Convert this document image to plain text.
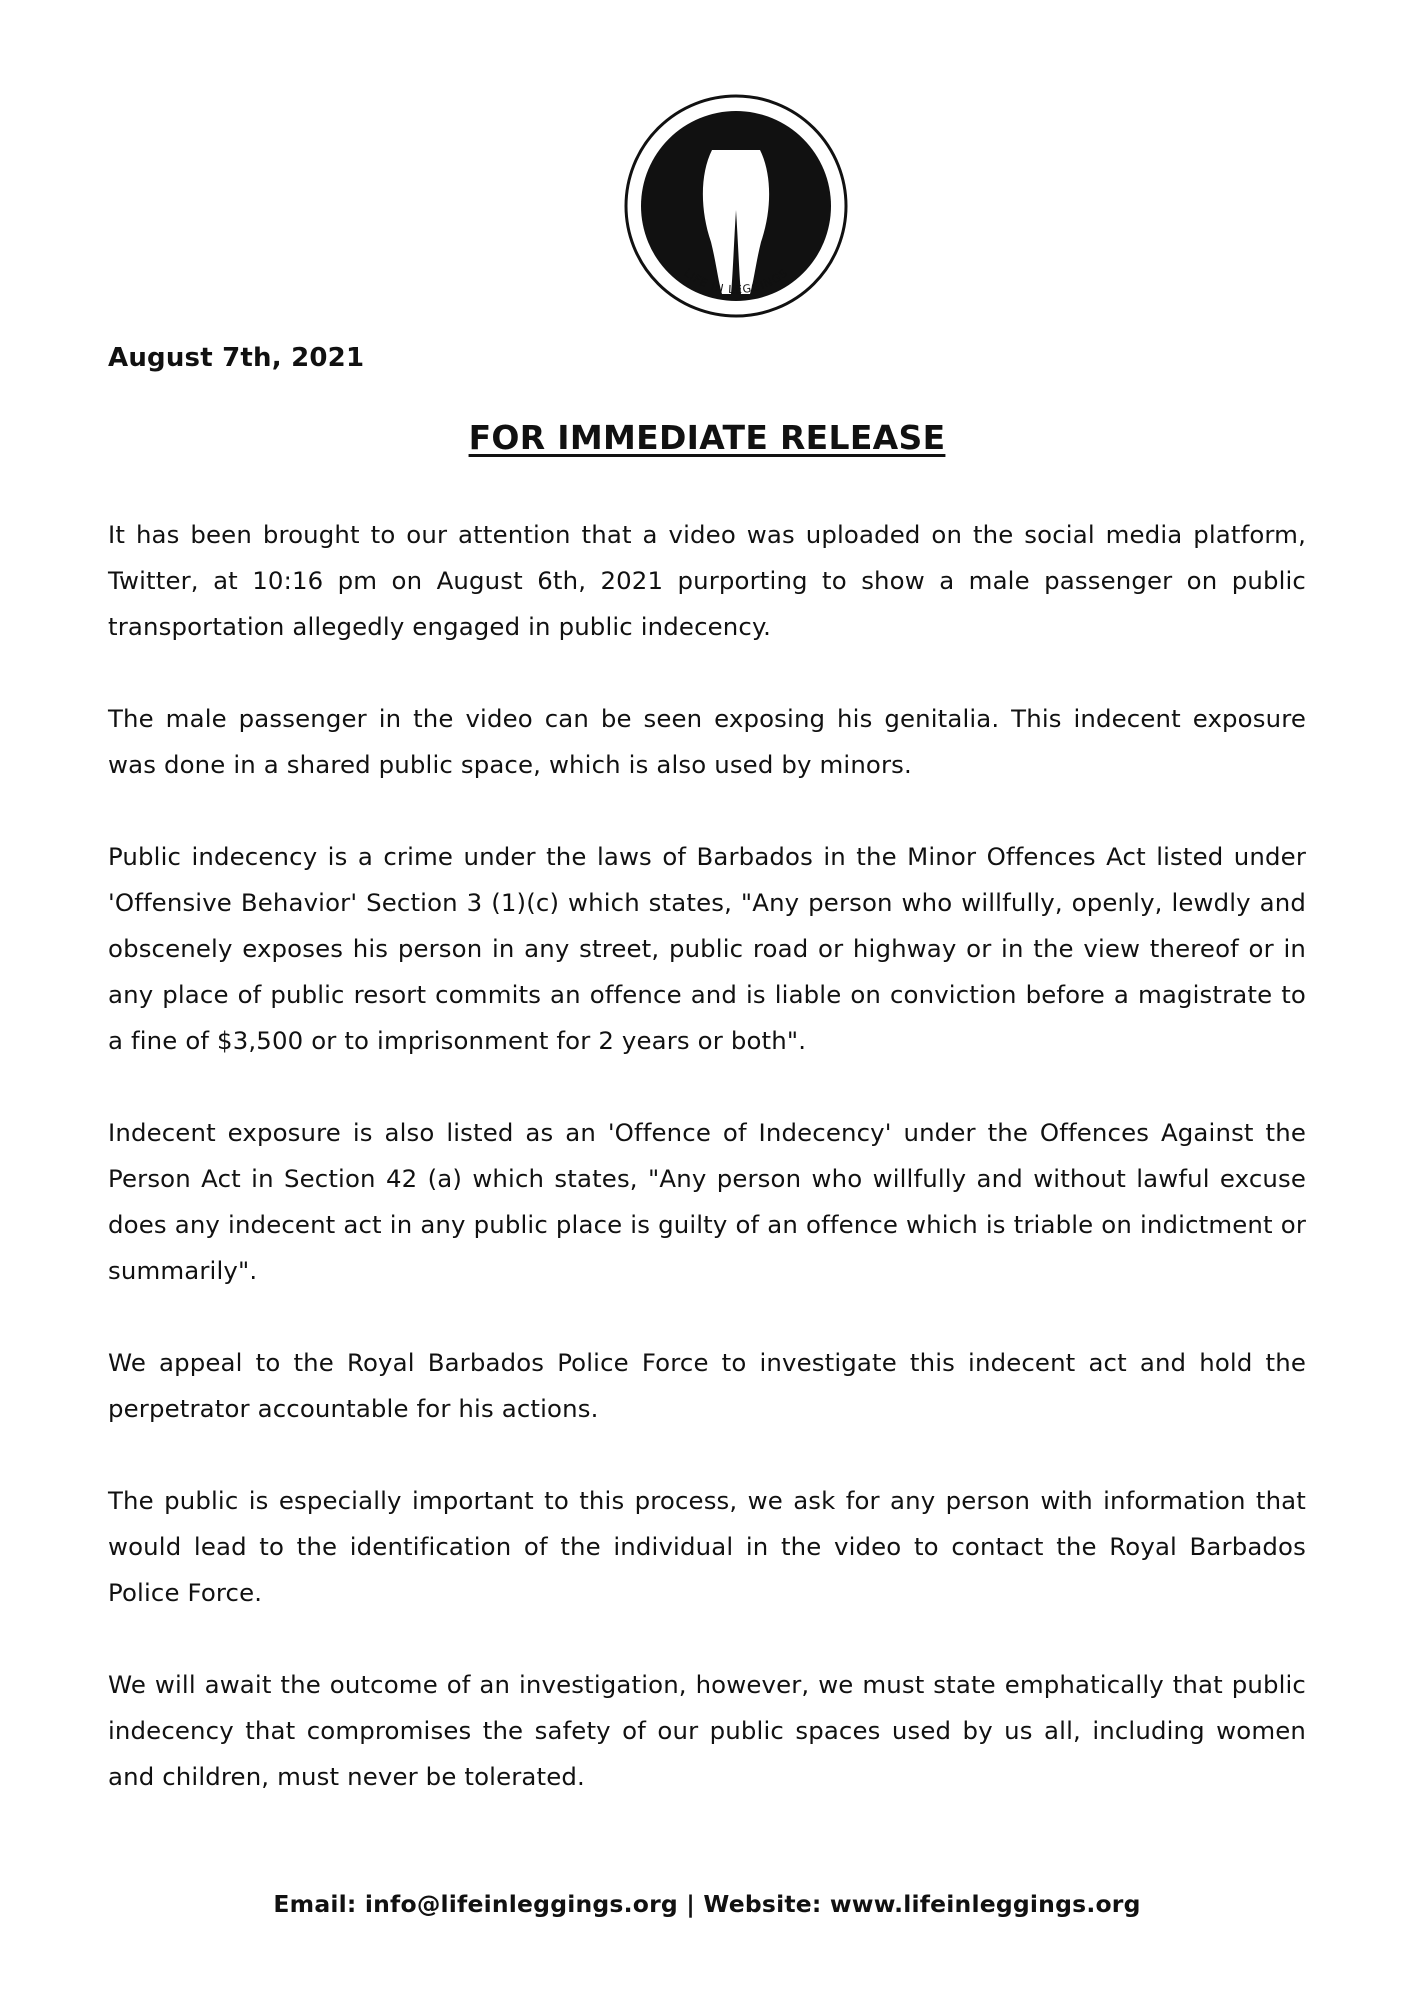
LIFE IN LEGGINGS
August 7th, 2021
FOR IMMEDIATE RELEASE

It has been brought to our attention that a video was uploaded on the social media platform, Twitter, at 10:16 pm on August 6th, 2021 purporting to show a male passenger on public transportation allegedly engaged in public indecency.

The male passenger in the video can be seen exposing his genitalia. This indecent exposure was done in a shared public space, which is also used by minors.

Public indecency is a crime under the laws of Barbados in the Minor Offences Act listed under 'Offensive Behavior' Section 3 (1)(c) which states, "Any person who willfully, openly, lewdly and obscenely exposes his person in any street, public road or highway or in the view thereof or in any place of public resort commits an offence and is liable on conviction before a magistrate to a fine of $3,500 or to imprisonment for 2 years or both".

Indecent exposure is also listed as an 'Offence of Indecency' under the Offences Against the Person Act in Section 42 (a) which states, "Any person who willfully and without lawful excuse does any indecent act in any public place is guilty of an offence which is triable on indictment or summarily".

We appeal to the Royal Barbados Police Force to investigate this indecent act and hold the perpetrator accountable for his actions.

The public is especially important to this process, we ask for any person with information that would lead to the identification of the individual in the video to contact the Royal Barbados Police Force.

We will await the outcome of an investigation, however, we must state emphatically that public indecency that compromises the safety of our public spaces used by us all, including women and children, must never be tolerated.

Email: info@lifeinleggings.org | Website: www.lifeinleggings.org
